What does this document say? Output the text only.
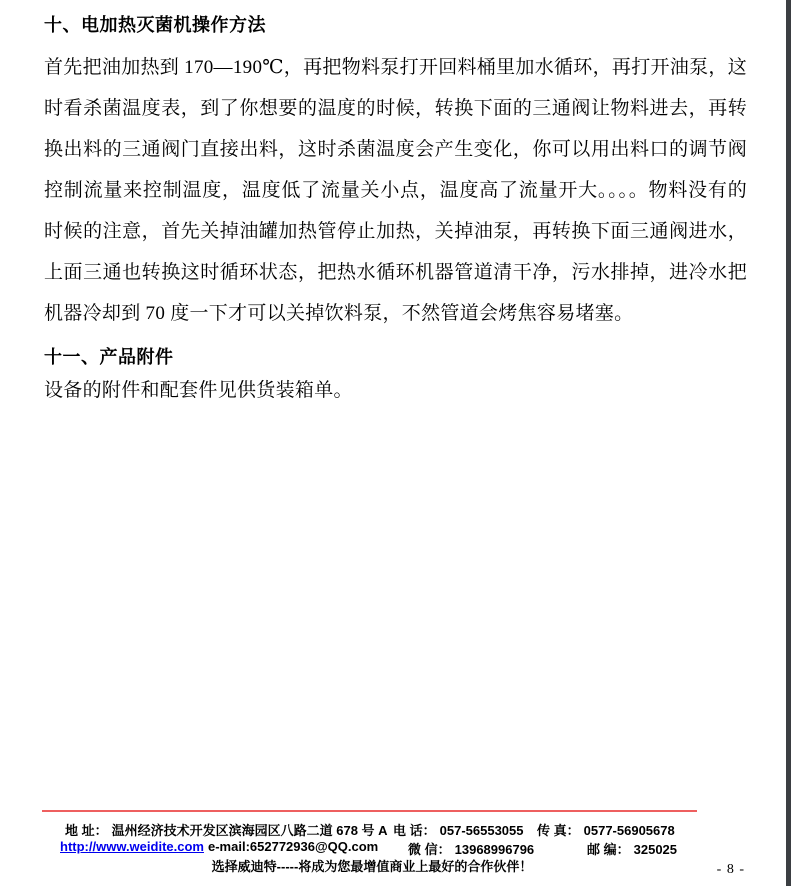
十、电加热灭菌机操作方法

首先把油加热到 170—190℃，再把物料泵打开回料桶里加水循环，再打开油泵，这时看杀菌温度表，到了你想要的温度的时候，转换下面的三通阀让物料进去，再转换出料的三通阀门直接出料，这时杀菌温度会产生变化，你可以用出料口的调节阀控制流量来控制温度，温度低了流量关小点，温度高了流量开大。。。。物料没有的时候的注意，首先关掉油罐加热管停止加热，关掉油泵，再转换下面三通阀进水，上面三通也转换这时循环状态，把热水循环机器管道清干净，污水排掉，进冷水把机器冷却到 70 度一下才可以关掉饮料泵，不然管道会烤焦容易堵塞。

十一、产品附件

设备的附件和配套件见供货装箱单。

地 址： 温州经济技术开发区滨海园区八路二道 678 号 A 电 话： 057-56553055 传 真： 0577-56905678
http://www.weidite.com e-mail:652772936@QQ.com 微 信： 13968996796	邮 编： 325025
选择威迪特-----将成为您最增值商业上最好的合作伙伴！	- 8 -
